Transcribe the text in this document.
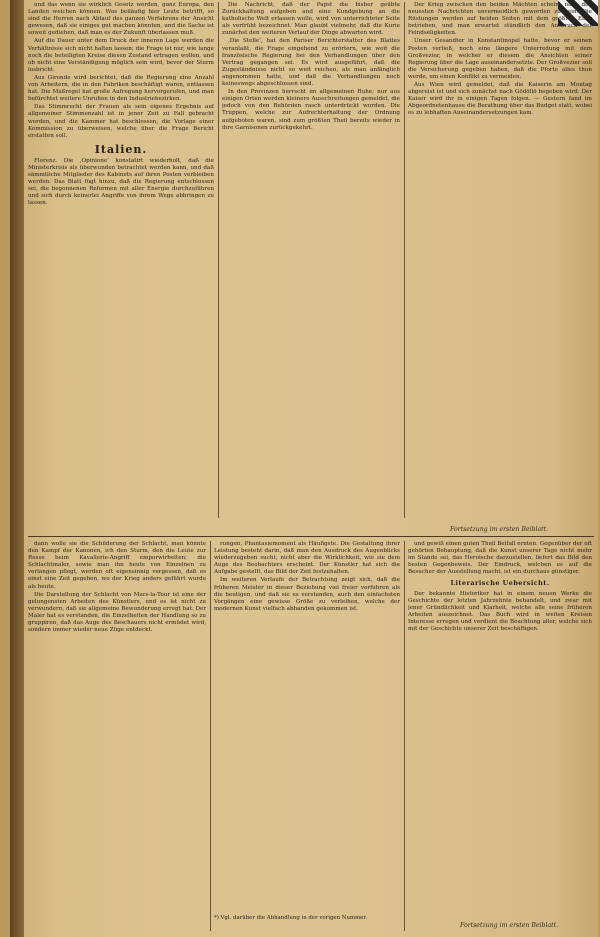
und das wenn sie wirklich Gesetz werden, ganz Europa, den Landen weichen können. Was beiläufig hier Leute betrifft, so sind die Herren nach Ablauf des ganzen Verfahrens der Ansicht gewesen, daß sie einiges gut machen könnten, und die Sache ist soweit gediehen, daß man es der Zukunft überlassen muß.

Auf die Dauer unter dem Druck der inneren Lage werden die Verhältnisse sich nicht halten lassen; die Frage ist nur, wie lange noch die beteiligten Kreise diesen Zustand ertragen wollen, und ob nicht eine Verständigung möglich sein wird, bevor der Sturm losbricht.

Aus Gironde wird berichtet, daß die Regierung eine Anzahl von Arbeitern, die in den Fabriken beschäftigt waren, entlassen hat. Die Maßregel hat große Aufregung hervorgerufen, und man befürchtet weitere Unruhen in den Industriebezirken.

Das Stimmrecht der Frauen als sein eigenes Ergebnis auf allgemeiner Stimmenzahl ist in jener Zeit zu Fall gebracht worden, und die Kammer hat beschlossen, die Vorlage einer Kommission zu überweisen, welche über die Frage Bericht erstatten soll.

Italien.

Florenz. Die ‚Opinione‘ konstatirt wiederholt, daß die Ministerkrisis als überwunden betrachtet werden kann, und daß sämmtliche Mitglieder des Kabinets auf ihren Posten verbleiben werden. Das Blatt fügt hinzu, daß die Regierung entschlossen sei, die begonnenen Reformen mit aller Energie durchzuführen und sich durch keinerlei Angriffe von ihrem Wege abbringen zu lassen.

Die Nachricht, daß der Papst die bisher geübte Zurückhaltung aufgeben und eine Kundgebung an die katholische Welt erlassen wolle, wird von unterrichteter Seite als verfrüht bezeichnet. Man glaubt vielmehr, daß die Kurie zunächst den weiteren Verlauf der Dinge abwarten wird.

‚Die Stelle‘, hat den Pariser Berichterstatter des Blattes veranlaßt, die Frage eingehend zu erörtern, wie weit die französische Regierung bei den Verhandlungen über den Vertrag gegangen sei. Es wird ausgeführt, daß die Zugeständnisse nicht so weit reichen, als man anfänglich angenommen hatte, und daß die Verhandlungen noch keineswegs abgeschlossen sind.

In den Provinzen herrscht im allgemeinen Ruhe; nur aus einigen Orten werden kleinere Ausschreitungen gemeldet, die jedoch von den Behörden rasch unterdrückt wurden. Die Truppen, welche zur Aufrechterhaltung der Ordnung aufgeboten waren, sind zum größten Theil bereits wieder in ihre Garnisonen zurückgekehrt.

Der Krieg zwischen den beiden Mächten scheint nach den neuesten Nachrichten unvermeidlich geworden zu sein. Die Rüstungen werden auf beiden Seiten mit dem größten Eifer betrieben, und man erwartet stündlich den Ausbruch der Feindseligkeiten.

Unser Gesandter in Konstantinopel hatte, bevor er seinen Posten verließ, noch eine längere Unterredung mit dem Großvezier, in welcher er diesem die Ansichten seiner Regierung über die Lage auseinandersetzte. Der Großvezier soll die Versicherung gegeben haben, daß die Pforte alles thun werde, um einen Konflikt zu vermeiden.

Aus Wien wird gemeldet, daß die Kaiserin am Montag abgereist ist und sich zunächst nach Gödöllö begeben wird. Der Kaiser wird ihr in einigen Tagen folgen. — Gestern fand im Abgeordnetenhause die Berathung über das Budget statt, wobei es zu lebhaften Auseinandersetzungen kam.

Fortsetzung im ersten Beiblatt.

dann wolle sie die Schilderung der Schlacht, man könnte den Kampf der Kanonen, ich den Sturm, den die Leute zur Rosse beim Kavallerie-Angriff emporwirbelten; die Schlachtmaler, sowie man ihn heute von Einzelnen zu verlangen pflegt, werden oft eigensinnig vergessen, daß es einst eine Zeit gegeben, wo der Krieg anders geführt wurde als heute.

Die Darstellung der Schlacht von Mars-la-Tour ist eine der gelungensten Arbeiten des Künstlers, und es ist nicht zu verwundern, daß sie allgemeine Bewunderung erregt hat. Der Maler hat es verstanden, die Einzelheiten der Handlung so zu gruppiren, daß das Auge des Beschauers nicht ermüdet wird, sondern immer wieder neue Züge entdeckt.

rungen, Phantasiemoment als Häufigste. Die Gestaltung ihrer Leistung besteht darin, daß man den Ausdruck des Augenblicks wiederzugeben sucht, nicht aber die Wirklichkeit, wie sie dem Auge des Beobachters erscheint. Der Künstler hat sich die Aufgabe gestellt, das Bild der Zeit festzuhalten.

Im weiteren Verlaufe der Betrachtung zeigt sich, daß die früheren Meister in dieser Beziehung viel freier verfuhren als die heutigen, und daß sie es verstanden, auch den einfachsten Vorgängen eine gewisse Größe zu verleihen, welche der modernen Kunst vielfach abhanden gekommen ist.

*) Vgl. darüber die Abhandlung in der vorigen Nummer.

und gewiß einen guten Theil Beifall ernten. Gegenüber der oft gehörten Behauptung, daß die Kunst unserer Tage nicht mehr im Stande sei, das Heroische darzustellen, liefert das Bild den besten Gegenbeweis. Der Eindruck, welchen es auf die Besucher der Ausstellung macht, ist ein durchaus günstiger.

Literarische Uebersicht.

Der bekannte Historiker hat in einem neuen Werke die Geschichte der letzten Jahrzehnte behandelt, und zwar mit jener Gründlichkeit und Klarheit, welche alle seine früheren Arbeiten auszeichnet. Das Buch wird in weiten Kreisen Interesse erregen und verdient die Beachtung aller, welche sich mit der Geschichte unserer Zeit beschäftigen.

Fortsetzung im ersten Beiblatt.
